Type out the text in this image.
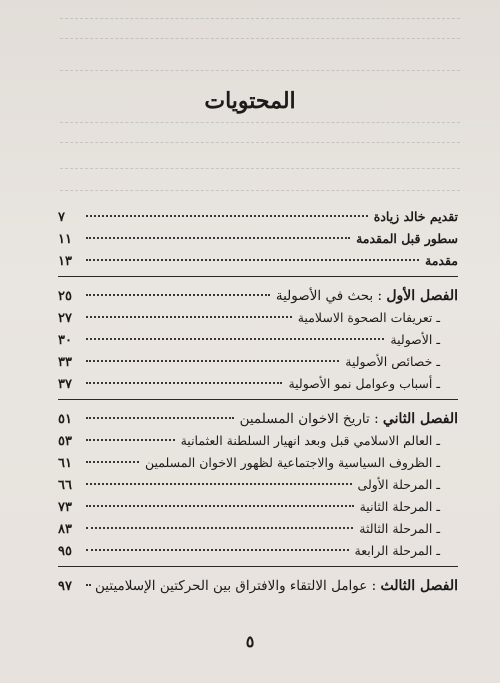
المحتويات
تقديم خالد زيادة
٧
سطور قبل المقدمة
١١
مقدمة
١٣
الفصل الأول : بحث في الأصولية
٢٥
ـ تعريفات الصحوة الاسلامية
٢٧
ـ الأصولية
٣٠
ـ خصائص الأصولية
٣٣
ـ أسباب وعوامل نمو الأصولية
٣٧
الفصل الثاني : تاريخ الاخوان المسلمين
٥١
ـ العالم الاسلامي قبل وبعد انهيار السلطنة العثمانية
٥٣
ـ الظروف السياسية والاجتماعية لظهور الاخوان المسلمين
٦١
ـ المرحلة الأولى
٦٦
ـ المرحلة الثانية
٧٣
ـ المرحلة الثالثة
٨٣
ـ المرحلة الرابعة
٩٥
الفصل الثالث : عوامل الالتقاء والافتراق بين الحركتين الإسلاميتين
٩٧
٥
